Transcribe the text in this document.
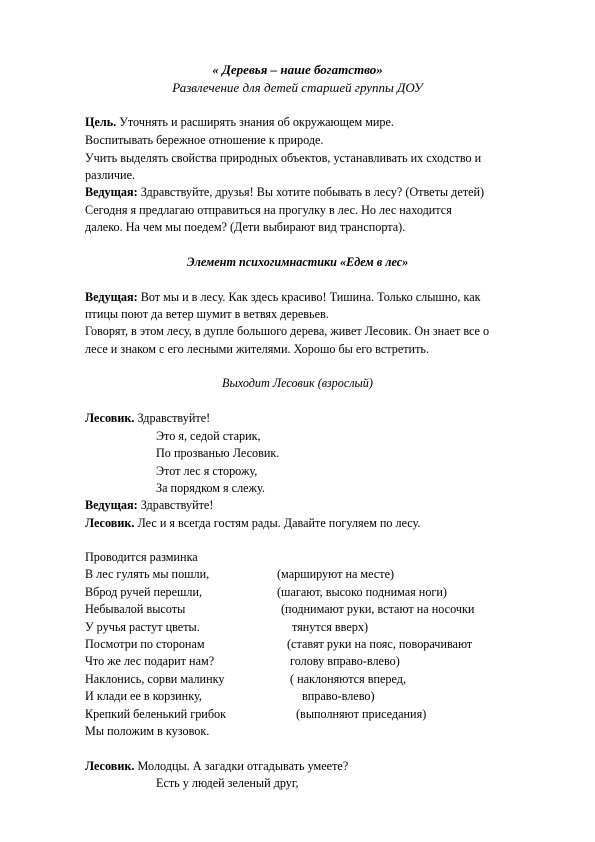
« Деревья – наше богатство»
Развлечение для детей старшей группы ДОУ
Цель. Уточнять и расширять знания об окружающем мире.
Воспитывать бережное отношение к природе.
Учить выделять свойства природных объектов, устанавливать их сходство и
различие.
Ведущая: Здравствуйте, друзья! Вы хотите побывать в лесу? (Ответы детей)
Сегодня я предлагаю отправиться на прогулку в лес. Но лес находится
далеко. На чем мы поедем? (Дети выбирают вид транспорта).
Элемент психогимнастики «Едем в лес»
Ведущая: Вот мы и в лесу. Как здесь красиво! Тишина. Только слышно, как
птицы поют да ветер шумит в ветвях деревьев.
Говорят, в этом лесу, в дупле большого дерева, живет Лесовик. Он знает все о
лесе и знаком с его лесными жителями. Хорошо бы его встретить.
Выходит Лесовик (взрослый)
Лесовик. Здравствуйте!
Это я, седой старик,
По прозванью Лесовик.
Этот лес я сторожу,
За порядком я слежу.
Ведущая: Здравствуйте!
Лесовик. Лес и я всегда гостям рады. Давайте погуляем по лесу.
Проводится разминка
В лес гулять мы пошли,	(маршируют на месте)
Вброд ручей перешли,	(шагают, высоко поднимая ноги)
Небывалой высоты	(поднимают руки, встают на носочки
У ручья растут цветы.	тянутся вверх)
Посмотри по сторонам	(ставят руки на пояс, поворачивают
Что же лес подарит нам?	голову вправо-влево)
Наклонись, сорви малинку	( наклоняются вперед,
И клади ее в корзинку,	вправо-влево)
Крепкий беленький грибок	(выполняют приседания)
Мы положим в кузовок.
Лесовик. Молодцы. А загадки отгадывать умеете?
Есть у людей зеленый друг,
